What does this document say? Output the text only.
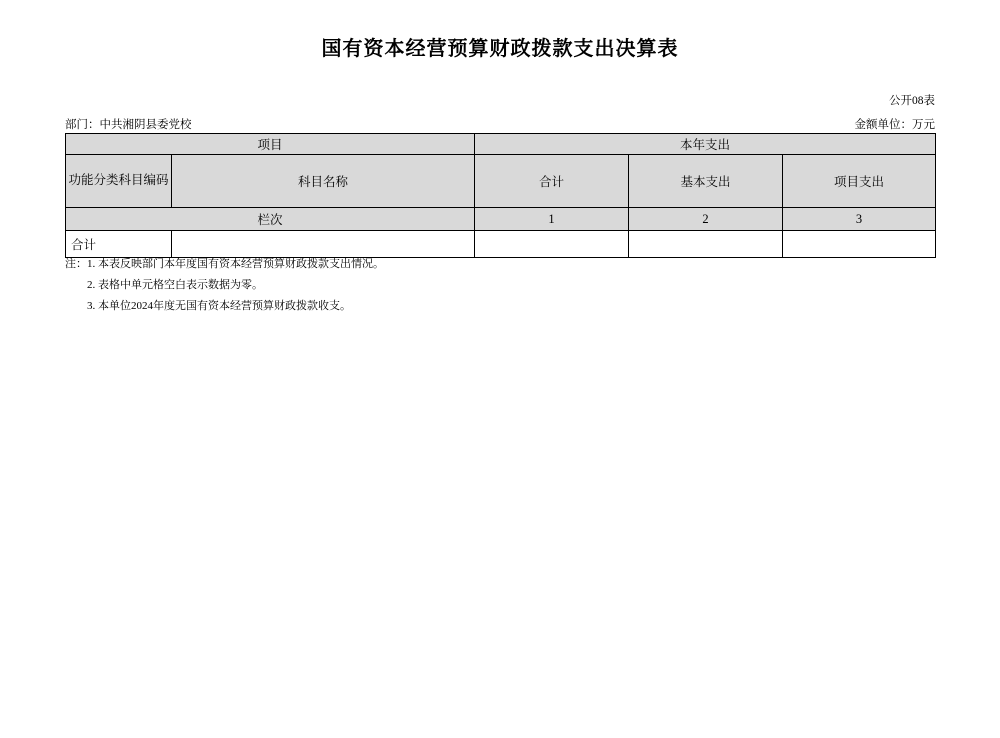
国有资本经营预算财政拨款支出决算表
公开08表
部门：中共湘阴县委党校	金额单位：万元
项目		本年支出		
功能分类科目编码	科目名称	合计	基本支出	项目支出
栏次		1	2	3
合计				
注：1. 本表反映部门本年度国有资本经营预算财政拨款支出情况。
2. 表格中单元格空白表示数据为零。
3. 本单位2024年度无国有资本经营预算财政拨款收支。
